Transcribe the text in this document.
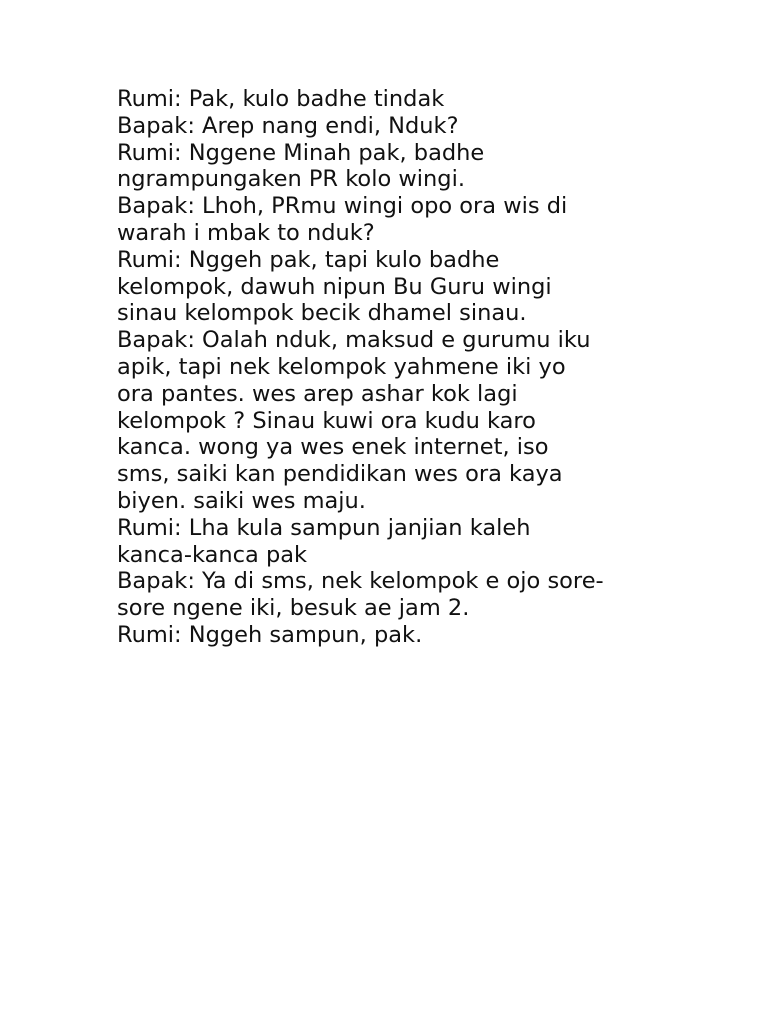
Rumi: Pak, kulo badhe tindak
Bapak: Arep nang endi, Nduk?
Rumi: Nggene Minah pak, badhe
ngrampungaken PR kolo wingi.
Bapak: Lhoh, PRmu wingi opo ora wis di
warah i mbak to nduk?
Rumi: Nggeh pak, tapi kulo badhe
kelompok, dawuh nipun Bu Guru wingi
sinau kelompok becik dhamel sinau.
Bapak: Oalah nduk, maksud e gurumu iku
apik, tapi nek kelompok yahmene iki yo
ora pantes. wes arep ashar kok lagi
kelompok ? Sinau kuwi ora kudu karo
kanca. wong ya wes enek internet, iso
sms, saiki kan pendidikan wes ora kaya
biyen. saiki wes maju.
Rumi: Lha kula sampun janjian kaleh
kanca-kanca pak
Bapak: Ya di sms, nek kelompok e ojo sore-
sore ngene iki, besuk ae jam 2.
Rumi: Nggeh sampun, pak.
